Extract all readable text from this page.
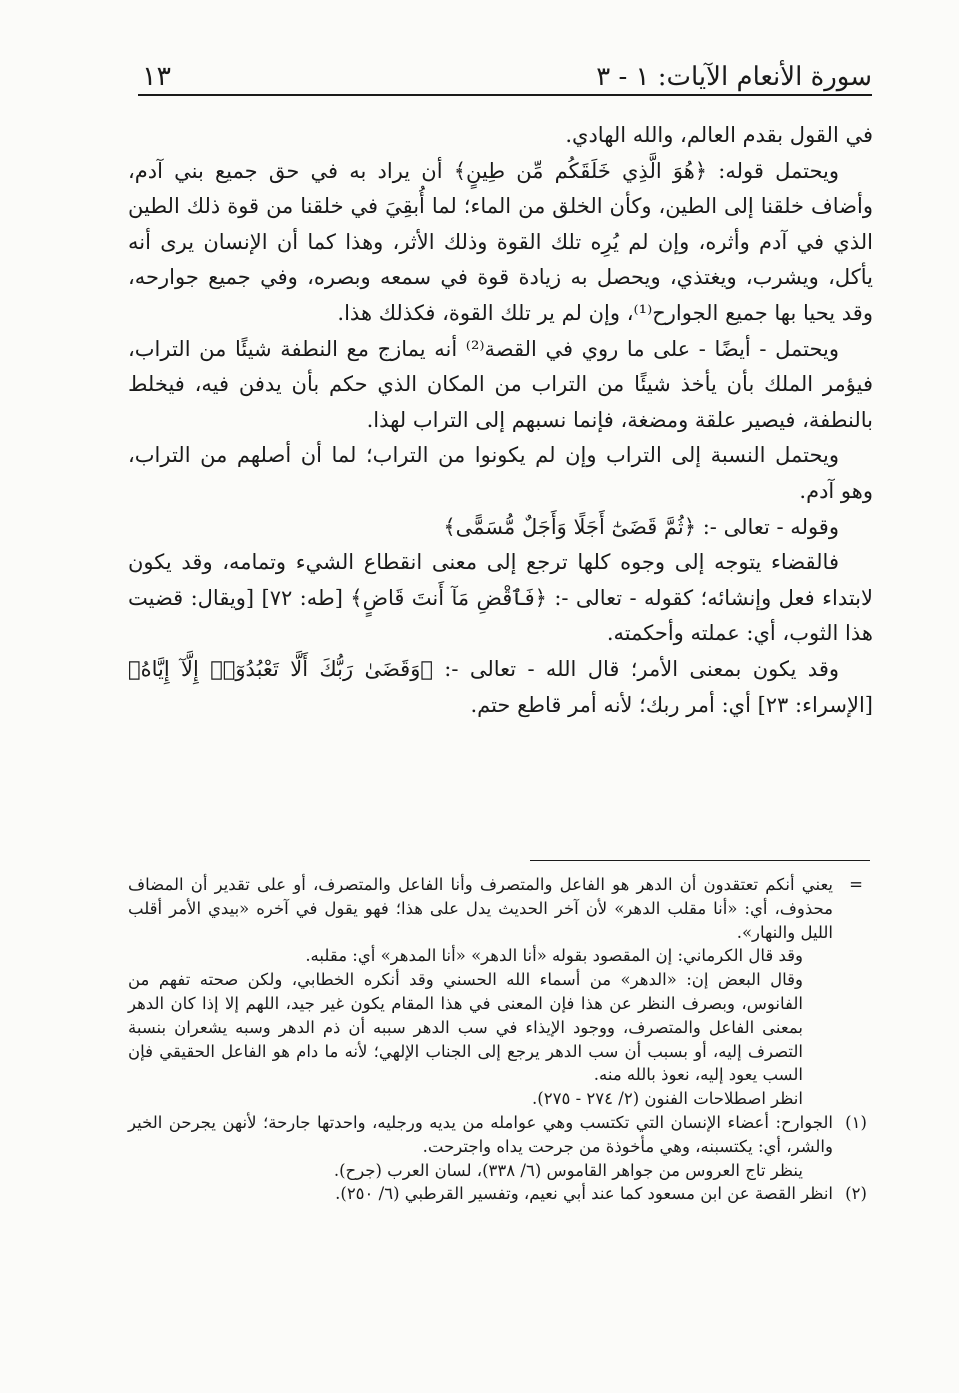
١٣	سورة الأنعام الآيات: ١ - ٣

في القول بقدم العالم، والله الهادي.

ويحتمل قوله: ﴿هُوَ الَّذِي خَلَقَكُم مِّن طِينٍ﴾ أن يراد به في حق جميع بني آدم، وأضاف خلقنا إلى الطين، وكأن الخلق من الماء؛ لما أُبقِيَ في خلقنا من قوة ذلك الطين الذي في آدم وأثره، وإن لم يُرِه تلك القوة وذلك الأثر، وهذا كما أن الإنسان يرى أنه يأكل، ويشرب، ويغتذي، ويحصل به زيادة قوة في سمعه وبصره، وفي جميع جوارحه، وقد يحيا بها جميع الجوارح⁽¹⁾، وإن لم ير تلك القوة، فكذلك هذا.

ويحتمل - أيضًا - على ما روي في القصة⁽²⁾ أنه يمازج مع النطفة شيئًا من التراب، فيؤمر الملك بأن يأخذ شيئًا من التراب من المكان الذي حكم بأن يدفن فيه، فيخلط بالنطفة، فيصير علقة ومضغة، فإنما نسبهم إلى التراب لهذا.

ويحتمل النسبة إلى التراب وإن لم يكونوا من التراب؛ لما أن أصلهم من التراب، وهو آدم.

وقوله - تعالى -: ﴿ثُمَّ قَضَىٰٓ أَجَلًا وَأَجَلٌ مُّسَمًّى﴾

فالقضاء يتوجه إلى وجوه كلها ترجع إلى معنى انقطاع الشيء وتمامه، وقد يكون لابتداء فعل وإنشائه؛ كقوله - تعالى -: ﴿فَٱقْضِ مَآ أَنتَ قَاضٍ﴾ [طه: ٧٢] [ويقال: قضيت هذا الثوب، أي: عملته وأحكمته.

وقد يكون بمعنى الأمر؛ قال الله - تعالى -: ﴿وَقَضَىٰ رَبُّكَ أَلَّا تَعْبُدُوٓا۟ إِلَّآ إِيَّاهُ﴾ [الإسراء: ٢٣] أي: أمر ربك؛ لأنه أمر قاطع حتم.

=

يعني أنكم تعتقدون أن الدهر هو الفاعل والمتصرف وأنا الفاعل والمتصرف، أو على تقدير أن المضاف محذوف، أي: «أنا مقلب الدهر» لأن آخر الحديث يدل على هذا؛ فهو يقول في آخره «بيدي الأمر أقلب الليل والنهار».

وقد قال الكرماني: إن المقصود بقوله «أنا الدهر» «أنا المدهر» أي: مقلبه.

وقال البعض إن: «الدهر» من أسماء الله الحسني وقد أنكره الخطابي، ولكن صحته تفهم من الفانوس، وبصرف النظر عن هذا فإن المعنى في هذا المقام يكون غير جيد، اللهم إلا إذا كان الدهر بمعنى الفاعل والمتصرف، ووجود الإيذاء في سب الدهر سببه أن ذم الدهر وسبه يشعران بنسبة التصرف إليه، أو بسبب أن سب الدهر يرجع إلى الجناب الإلهي؛ لأنه ما دام هو الفاعل الحقيقي فإن السب يعود إليه، نعوذ بالله منه.

انظر اصطلاحات الفنون (٢/ ٢٧٤ - ٢٧٥).

(١)

الجوارح: أعضاء الإنسان التي تكتسب وهي عوامله من يديه ورجليه، واحدتها جارحة؛ لأنهن يجرحن الخير والشر، أي: يكتسبنه، وهي مأخوذة من جرحت يداه واجترحت.

ينظر تاج العروس من جواهر القاموس (٦/ ٣٣٨)، لسان العرب (جرح).

(٢)

انظر القصة عن ابن مسعود كما عند أبي نعيم، وتفسير القرطبي (٦/ ٢٥٠).
